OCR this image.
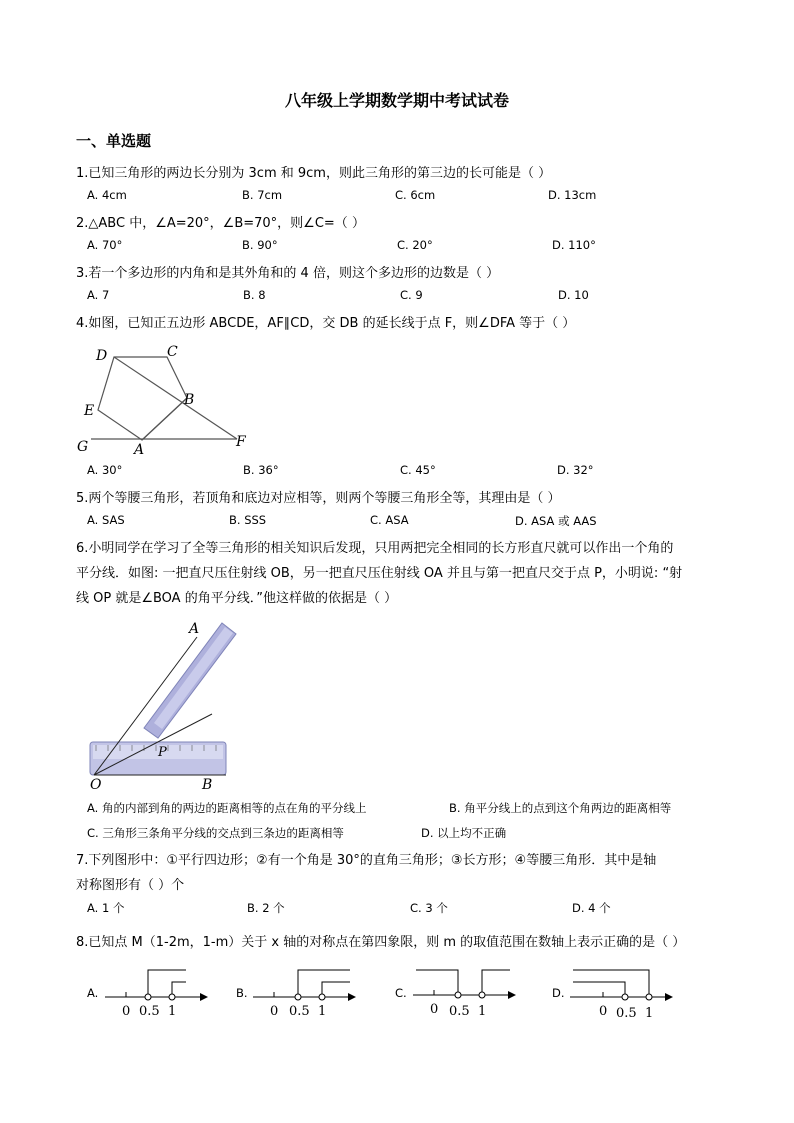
八年级上学期数学期中考试试卷
一、单选题
1.已知三角形的两边长分别为 3cm 和 9cm，则此三角形的第三边的长可能是（ ）
A. 4cm	B. 7cm	C. 6cm	D. 13cm
2.△ABC 中，∠A=20°，∠B=70°，则∠C=（ ）
A. 70°	B. 90°	C. 20°	D. 110°
3.若一个多边形的内角和是其外角和的 4 倍，则这个多边形的边数是（ ）
A. 7	B. 8	C. 9	D. 10
4.如图，已知正五边形 ABCDE，AF∥CD，交 DB 的延长线于点 F，则∠DFA 等于（ ）
D	C
E
B
G	A	F
A. 30°	B. 36°	C. 45°	D. 32°
5.两个等腰三角形，若顶角和底边对应相等，则两个等腰三角形全等，其理由是（ ）
A. SAS	B. SSS	C. ASA	D. ASA 或 AAS
6.小明同学在学习了全等三角形的相关知识后发现，只用两把完全相同的长方形直尺就可以作出一个角的
平分线．如图: 一把直尺压住射线 OB，另一把直尺压住射线 OA 并且与第一把直尺交于点 P，小明说: “射
线 OP 就是∠BOA 的角平分线．”他这样做的依据是（ ）
A
O	B
P
A. 角的内部到角的两边的距离相等的点在角的平分线上	B. 角平分线上的点到这个角两边的距离相等
C. 三角形三条角平分线的交点到三条边的距离相等	D. 以上均不正确
7.下列图形中：①平行四边形；②有一个角是 30°的直角三角形；③长方形；④等腰三角形．其中是轴
对称图形有（ ）个
A. 1 个	B. 2 个	C. 3 个	D. 4 个
8.已知点 M（1-2m，1-m）关于 x 轴的对称点在第四象限，则 m 的取值范围在数轴上表示正确的是（ ）
A.
0 0.5 1
B.
0 0.5 1
C.
0 0.5 1
D.
0 0.5 1
